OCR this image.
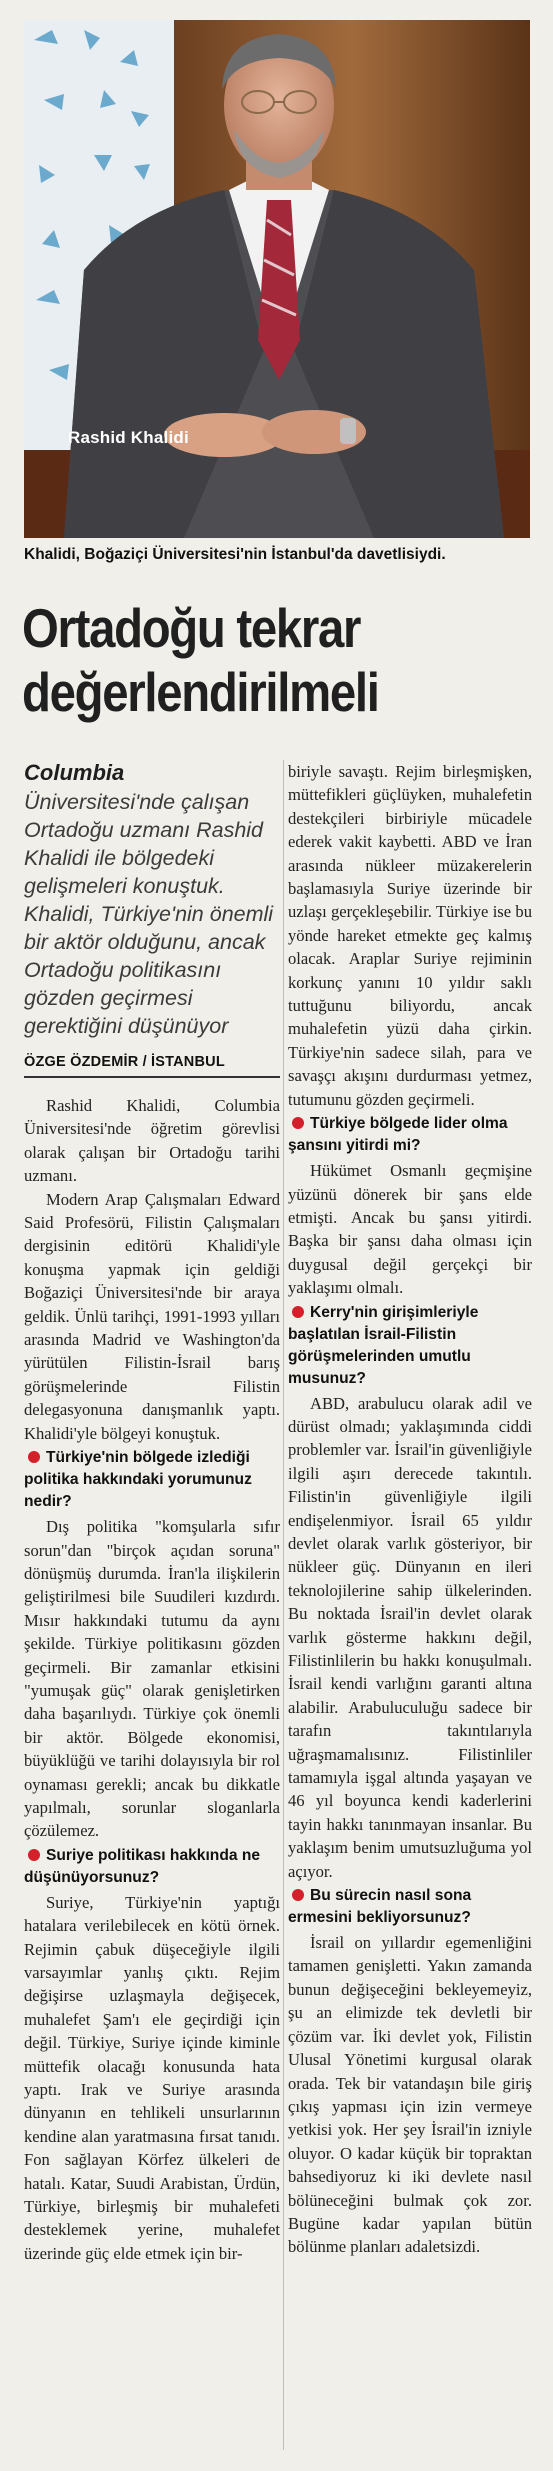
Rashid Khalidi
Khalidi, Boğaziçi Üniversitesi'nin İstanbul'da davetlisiydi.
Ortadoğu tekrar
değerlendirilmeli
Columbia
Üniversitesi'nde çalışan Ortadoğu uzmanı Rashid Khalidi ile bölgedeki gelişmeleri konuştuk. Khalidi, Türkiye'nin önemli bir aktör olduğunu, ancak Ortadoğu politikasını gözden geçirmesi gerektiğini düşünüyor
ÖZGE ÖZDEMİR / İSTANBUL

Rashid Khalidi, Columbia Üniversitesi'nde öğretim görevlisi olarak çalışan bir Ortadoğu tarihi uzmanı.

Modern Arap Çalışmaları Edward Said Profesörü, Filistin Çalışmaları dergisinin editörü Khalidi'yle konuşma yapmak için geldiği Boğaziçi Üniversitesi'nde bir araya geldik. Ünlü tarihçi, 1991-1993 yılları arasında Madrid ve Washington'da yürütülen Filistin-İsrail barış görüşmelerinde Filistin delegasyonuna danışmanlık yaptı. Khalidi'yle bölgeyi konuştuk.

Türkiye'nin bölgede izlediği politika hakkındaki yorumunuz nedir?

Dış politika "komşularla sıfır sorun"dan "birçok açıdan soruna" dönüşmüş durumda. İran'la ilişkilerin geliştirilmesi bile Suudileri kızdırdı. Mısır hakkındaki tutumu da aynı şekilde. Türkiye politikasını gözden geçirmeli. Bir zamanlar etkisini "yumuşak güç" olarak genişletirken daha başarılıydı. Türkiye çok önemli bir aktör. Bölgede ekonomisi, büyüklüğü ve tarihi dolayısıyla bir rol oynaması gerekli; ancak bu dikkatle yapılmalı, sorunlar sloganlarla çözülemez.

Suriye politikası hakkında ne düşünüyorsunuz?

Suriye, Türkiye'nin yaptığı hatalara verilebilecek en kötü örnek. Rejimin çabuk düşeceğiyle ilgili varsayımlar yanlış çıktı. Rejim değişirse uzlaşmayla değişecek, muhalefet Şam'ı ele geçirdiği için değil. Türkiye, Suriye içinde kiminle müttefik olacağı konusunda hata yaptı. Irak ve Suriye arasında dünyanın en tehlikeli unsurlarının kendine alan yaratmasına fırsat tanıdı. Fon sağlayan Körfez ülkeleri de hatalı. Katar, Suudi Arabistan, Ürdün, Türkiye, birleşmiş bir muhalefeti desteklemek yerine, muhalefet üzerinde güç elde etmek için bir-

biriyle savaştı. Rejim birleşmişken, müttefikleri güçlüyken, muhalefetin destekçileri birbiriyle mücadele ederek vakit kaybetti. ABD ve İran arasında nükleer müzakerelerin başlamasıyla Suriye üzerinde bir uzlaşı gerçekleşebilir. Türkiye ise bu yönde hareket etmekte geç kalmış olacak. Araplar Suriye rejiminin korkunç yanını 10 yıldır saklı tuttuğunu biliyordu, ancak muhalefetin yüzü daha çirkin. Türkiye'nin sadece silah, para ve savaşçı akışını durdurması yetmez, tutumunu gözden geçirmeli.

Türkiye bölgede lider olma şansını yitirdi mi?

Hükümet Osmanlı geçmişine yüzünü dönerek bir şans elde etmişti. Ancak bu şansı yitirdi. Başka bir şansı daha olması için duygusal değil gerçekçi bir yaklaşımı olmalı.

Kerry'nin girişimleriyle başlatılan İsrail-Filistin görüşmelerinden umutlu musunuz?

ABD, arabulucu olarak adil ve dürüst olmadı; yaklaşımında ciddi problemler var. İsrail'in güvenliğiyle ilgili aşırı derecede takıntılı. Filistin'in güvenliğiyle ilgili endişelenmiyor. İsrail 65 yıldır devlet olarak varlık gösteriyor, bir nükleer güç. Dünyanın en ileri teknolojilerine sahip ülkelerinden. Bu noktada İsrail'in devlet olarak varlık gösterme hakkını değil, Filistinlilerin bu hakkı konuşulmalı. İsrail kendi varlığını garanti altına alabilir. Arabuluculuğu sadece bir tarafın takıntılarıyla uğraşmamalısınız. Filistinliler tamamıyla işgal altında yaşayan ve 46 yıl boyunca kendi kaderlerini tayin hakkı tanınmayan insanlar. Bu yaklaşım benim umutsuzluğuma yol açıyor.

Bu sürecin nasıl sona ermesini bekliyorsunuz?

İsrail on yıllardır egemenliğini tamamen genişletti. Yakın zamanda bunun değişeceğini bekleyemeyiz, şu an elimizde tek devletli bir çözüm var. İki devlet yok, Filistin Ulusal Yönetimi kurgusal olarak orada. Tek bir vatandaşın bile giriş çıkış yapması için izin vermeye yetkisi yok. Her şey İsrail'in izniyle oluyor. O kadar küçük bir topraktan bahsediyoruz ki iki devlete nasıl bölüneceğini bulmak çok zor. Bugüne kadar yapılan bütün bölünme planları adaletsizdi.
